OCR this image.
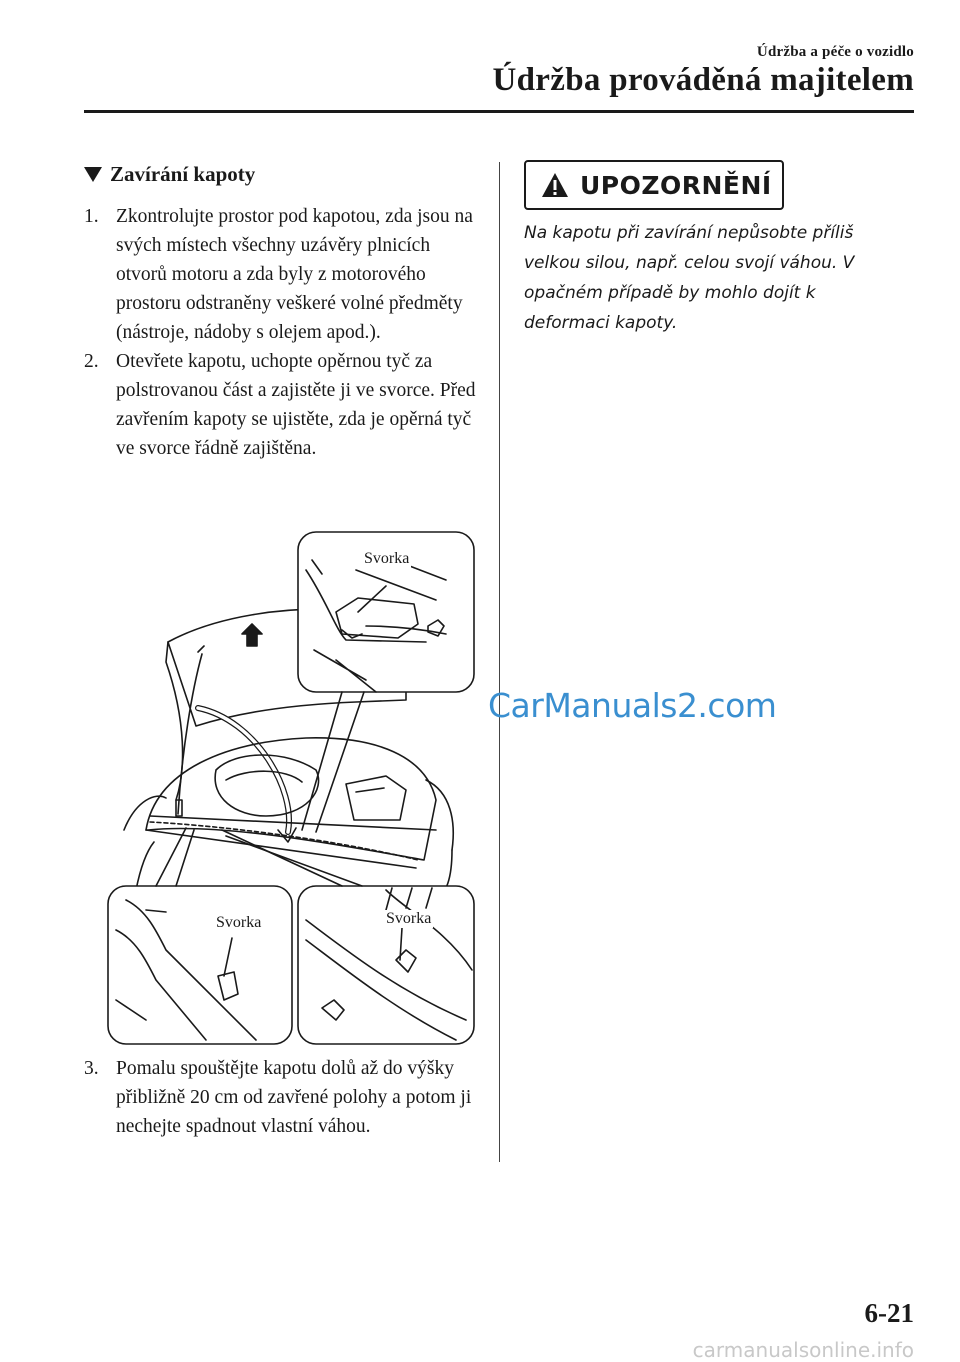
Údržba a péče o vozidlo
Údržba prováděná majitelem
Zavírání kapoty
1. Zkontrolujte prostor pod kapotou, zda jsou na svých místech všechny uzávěry plnicích otvorů motoru a zda byly z motorového prostoru odstraněny veškeré volné předměty (nástroje, nádoby s olejem apod.).
2. Otevřete kapotu, uchopte opěrnou tyč za polstrovanou část a zajistěte ji ve svorce. Před zavřením kapoty se ujistěte, zda je opěrná tyč ve svorce řádně zajištěna.
Svorka
Svorka	Svorka
3. Pomalu spouštějte kapotu dolů až do výšky přibližně 20 cm od zavřené polohy a potom ji nechejte spadnout vlastní váhou.
UPOZORNĚNÍ
Na kapotu při zavírání nepůsobte příliš velkou silou, např. celou svojí váhou. V opačném případě by mohlo dojít k deformaci kapoty.
CarManuals2.com
6-21
carmanualsonline.info
